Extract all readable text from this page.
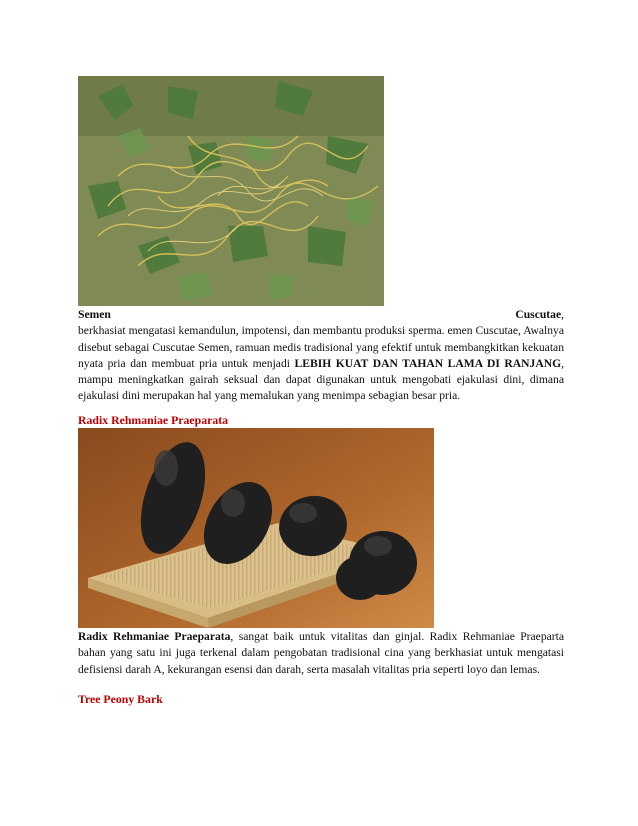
Semen	Cuscutae,
berkhasiat mengatasi kemandulun, impotensi, dan membantu produksi sperma. emen Cuscutae, Awalnya disebut sebagai Cuscutae Semen, ramuan medis tradisional yang efektif untuk membangkitkan kekuatan nyata pria dan membuat pria untuk menjadi LEBIH KUAT DAN TAHAN LAMA DI RANJANG, mampu meningkatkan gairah seksual dan dapat digunakan untuk mengobati ejakulasi dini, dimana ejakulasi dini merupakan hal yang memalukan yang menimpa sebagian besar pria.

Radix Rehmaniae Praeparata

Radix Rehmaniae Praeparata, sangat baik untuk vitalitas dan ginjal. Radix Rehmaniae Praeparta bahan yang satu ini juga terkenal dalam pengobatan tradisional cina yang berkhasiat untuk mengatasi defisiensi darah A, kekurangan esensi dan darah, serta masalah vitalitas pria seperti loyo dan lemas.

Tree Peony Bark
